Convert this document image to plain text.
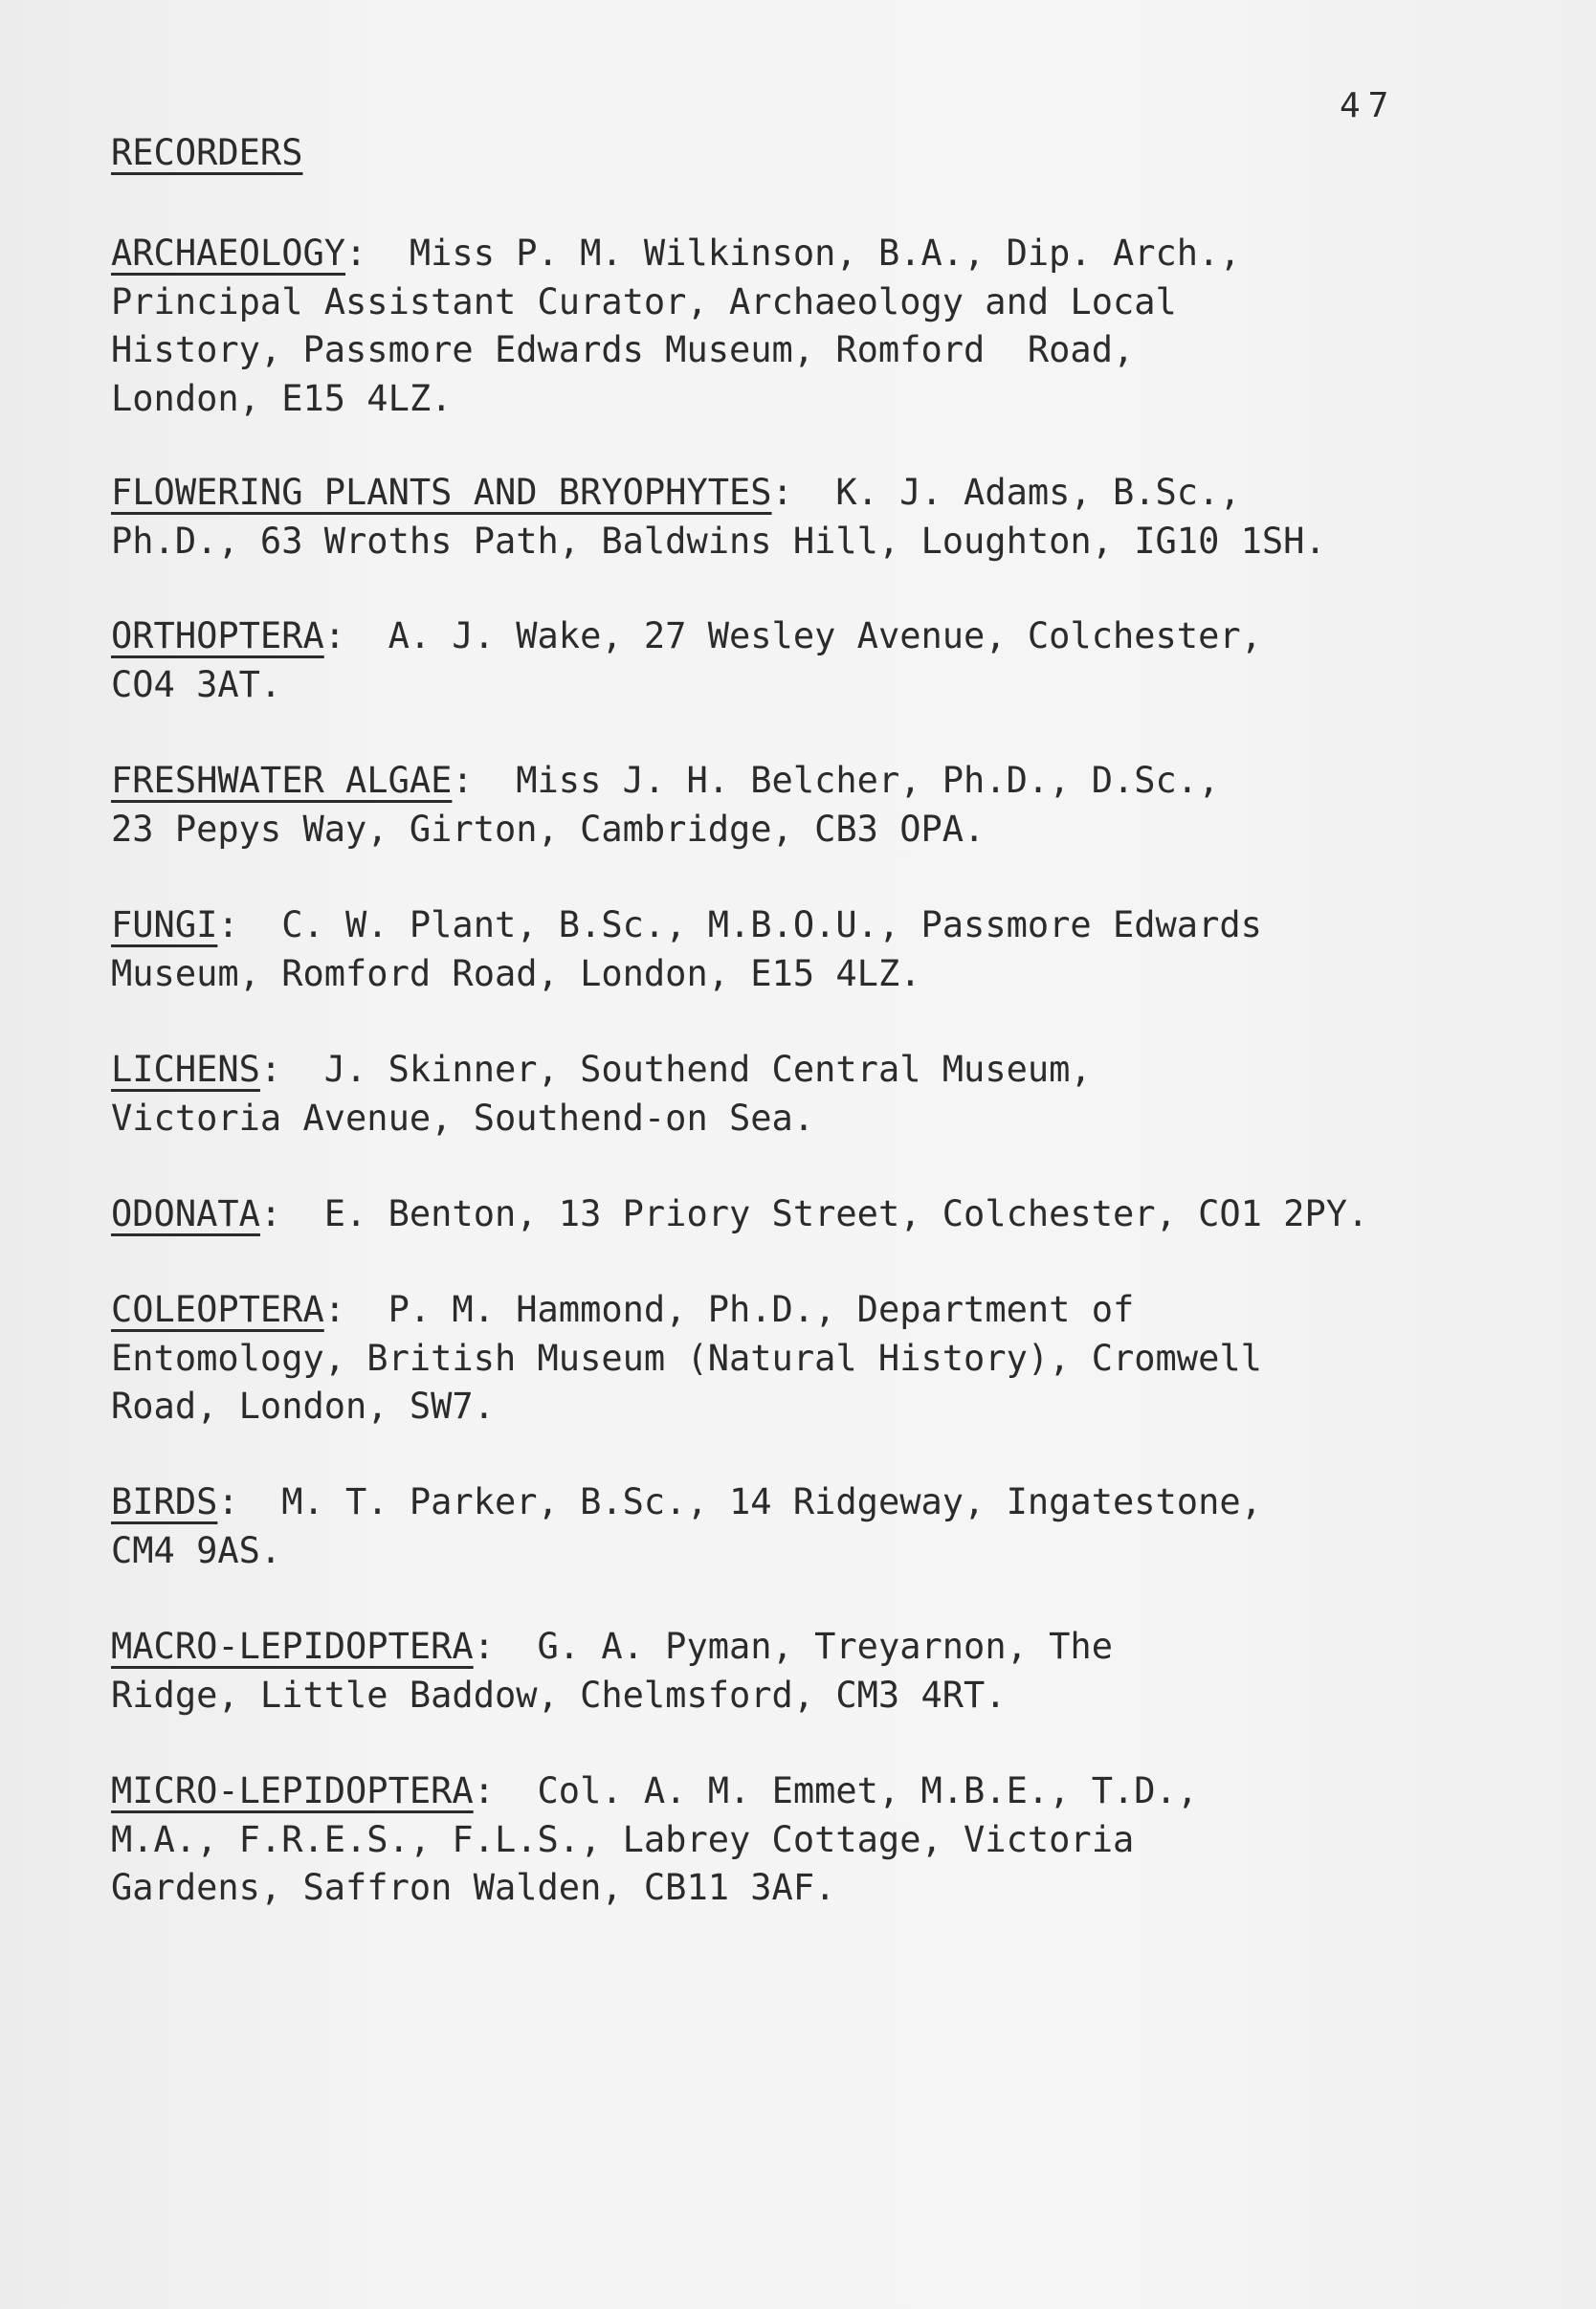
47
RECORDERS
ARCHAEOLOGY:  Miss P. M. Wilkinson, B.A., Dip. Arch.,
Principal Assistant Curator, Archaeology and Local
History, Passmore Edwards Museum, Romford  Road,
London, E15 4LZ.
FLOWERING PLANTS AND BRYOPHYTES:  K. J. Adams, B.Sc.,
Ph.D., 63 Wroths Path, Baldwins Hill, Loughton, IG10 1SH.
ORTHOPTERA:  A. J. Wake, 27 Wesley Avenue, Colchester,
CO4 3AT.
FRESHWATER ALGAE:  Miss J. H. Belcher, Ph.D., D.Sc.,
23 Pepys Way, Girton, Cambridge, CB3 OPA.
FUNGI:  C. W. Plant, B.Sc., M.B.O.U., Passmore Edwards
Museum, Romford Road, London, E15 4LZ.
LICHENS:  J. Skinner, Southend Central Museum,
Victoria Avenue, Southend-on Sea.
ODONATA:  E. Benton, 13 Priory Street, Colchester, CO1 2PY.
COLEOPTERA:  P. M. Hammond, Ph.D., Department of
Entomology, British Museum (Natural History), Cromwell
Road, London, SW7.
BIRDS:  M. T. Parker, B.Sc., 14 Ridgeway, Ingatestone,
CM4 9AS.
MACRO-LEPIDOPTERA:  G. A. Pyman, Treyarnon, The
Ridge, Little Baddow, Chelmsford, CM3 4RT.
MICRO-LEPIDOPTERA:  Col. A. M. Emmet, M.B.E., T.D.,
M.A., F.R.E.S., F.L.S., Labrey Cottage, Victoria
Gardens, Saffron Walden, CB11 3AF.
